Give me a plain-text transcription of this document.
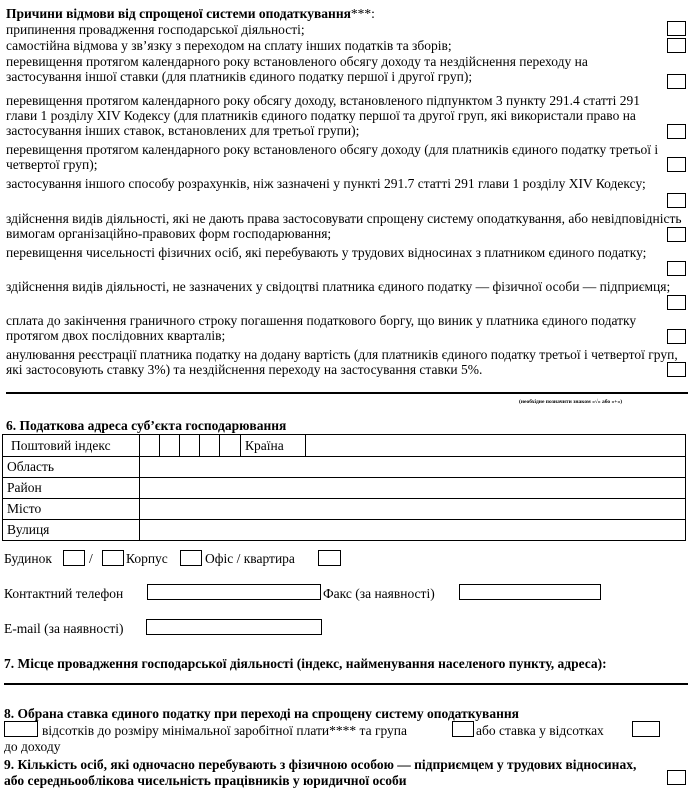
Причини відмови від спрощеної системи оподаткування***:
припинення провадження господарської діяльності;
самостійна відмова у зв’язку з переходом на сплату інших податків та зборів;
перевищення протягом календарного року встановленого обсягу доходу та нездійснення переходу на застосування іншої ставки (для платників єдиного податку першої і другої груп);
перевищення протягом календарного року обсягу доходу, встановленого підпунктом 3 пункту 291.4 статті 291 глави 1 розділу XIV Кодексу (для платників єдиного податку першої та другої груп, які використали право на застосування інших ставок, встановлених для третьої групи);
перевищення протягом календарного року встановленого обсягу доходу (для платників єдиного податку третьої і четвертої груп);
застосування іншого способу розрахунків, ніж зазначені у пункті 291.7 статті 291 глави 1 розділу XIV Кодексу;
здійснення видів діяльності, які не дають права застосовувати спрощену систему оподаткування, або невідповідність вимогам організаційно-правових форм господарювання;
перевищення чисельності фізичних осіб, які перебувають у трудових відносинах з платником єдиного податку;
здійснення видів діяльності, не зазначених у свідоцтві платника єдиного податку — фізичної особи — підприємця;
сплата до закінчення граничного строку погашення податкового боргу, що виник у платника єдиного податку протягом двох послідовних кварталів;
анулювання реєстрації платника податку на додану вартість (для платників єдиного податку третьої і четвертої груп, які застосовують ставку 3%) та нездійснення переходу на застосування ставки 5%.
(необхідне позначити знаком «√» або «+»)
6. Податкова адреса суб’єкта господарювання
Поштовий індекс						Країна	
Область							
Район							
Місто							
Вулиця							
Будинок	/ Корпус	Офіс / квартира
Контактний телефон	Факс (за наявності)
E-mail (за наявності)
7. Місце провадження господарської діяльності (індекс, найменування населеного пункту, адреса):
8. Обрана ставка єдиного податку при переході на спрощену систему оподаткування
відсотків до розміру мінімальної заробітної плати**** та група	або ставка у відсотках
до доходу
9. Кількість осіб, які одночасно перебувають з фізичною особою — підприємцем у трудових відносинах,
або середньооблікова чисельність працівників у юридичної особи
